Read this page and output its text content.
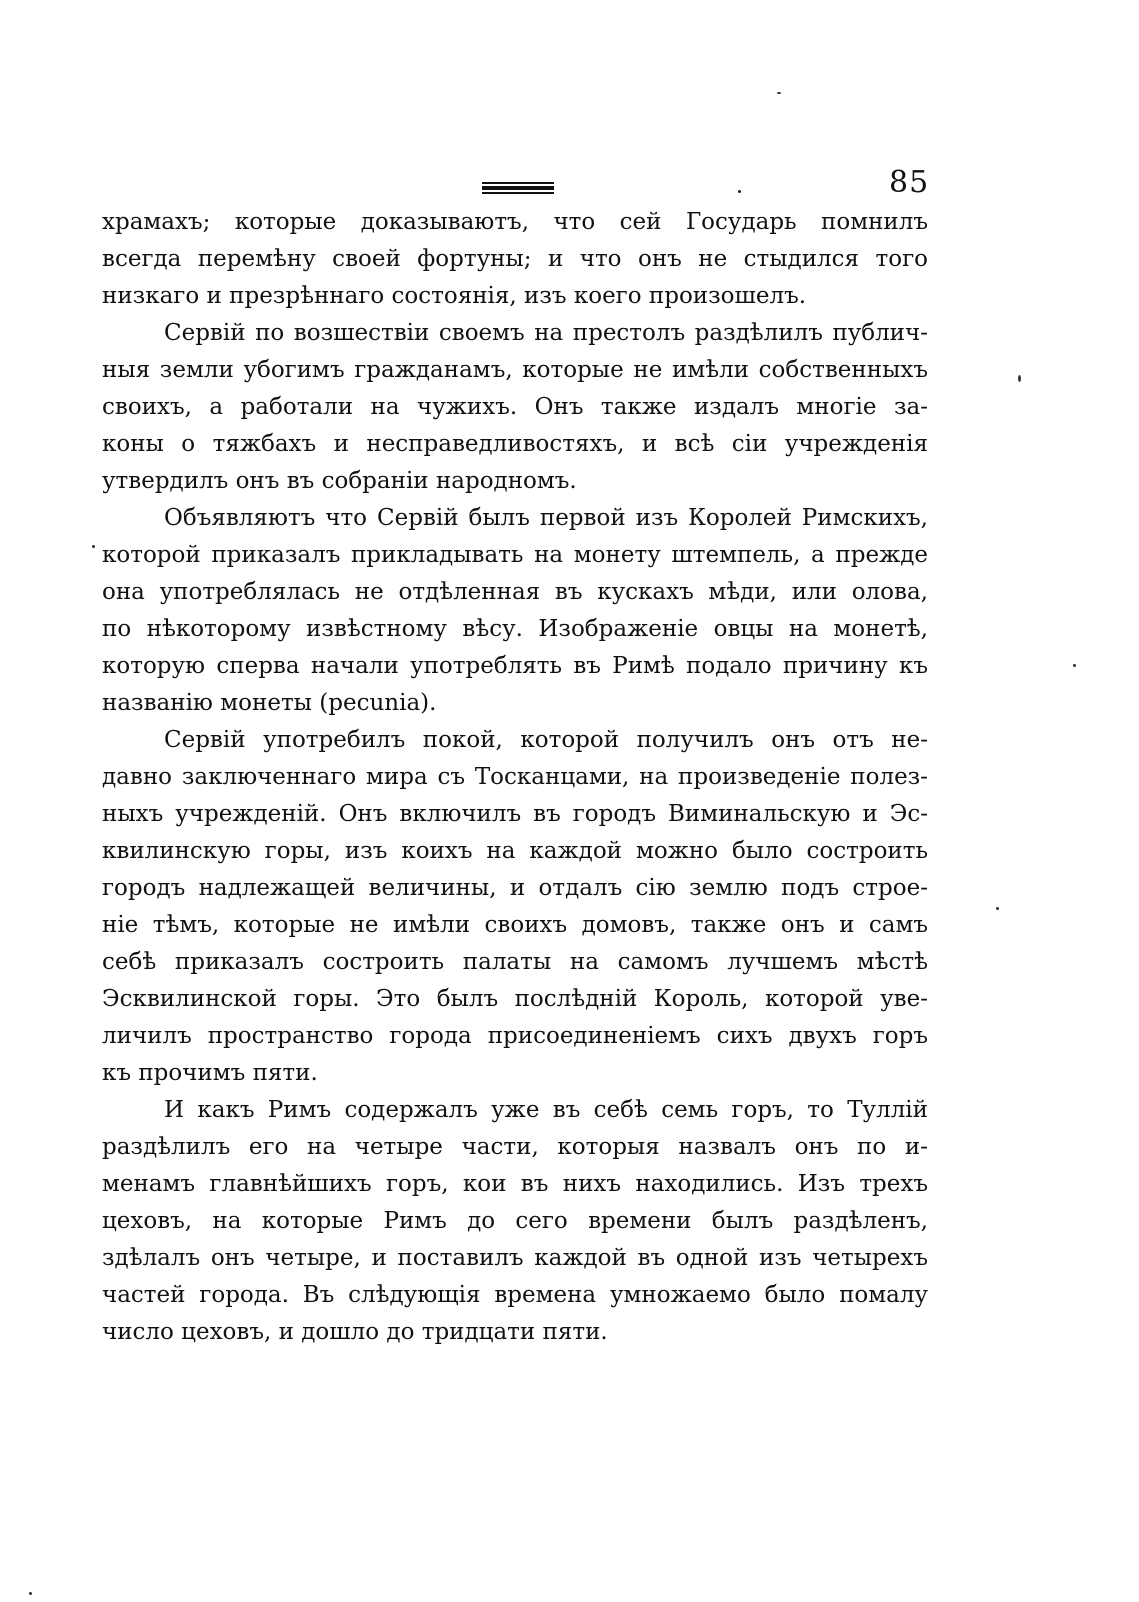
85
храмахъ; которые доказываютъ, что сей Государь помнилъ
всегда перемѣну своей фортуны; и что онъ не стыдился того
низкаго и презрѣннаго состоянія, изъ коего произошелъ.
Сервій по возшествіи своемъ на престолъ раздѣлилъ публич-
ныя земли убогимъ гражданамъ, которые не имѣли собственныхъ
своихъ, а работали на чужихъ. Онъ также издалъ многіе за-
коны о тяжбахъ и несправедливостяхъ, и всѣ сіи учрежденія
утвердилъ онъ въ собраніи народномъ.
Объявляютъ что Сервій былъ первой изъ Королей Римскихъ,
которой приказалъ прикладывать на монету штемпель, а прежде
она употреблялась не отдѣленная въ кускахъ мѣди, или олова,
по нѣкоторому извѣстному вѣсу. Изображеніе овцы на монетѣ,
которую сперва начали употреблять въ Римѣ подало причину къ
названію монеты (pecunia).
Сервій употребилъ покой, которой получилъ онъ отъ не-
давно заключеннаго мира съ Тосканцами, на произведеніе полез-
ныхъ учрежденій. Онъ включилъ въ городъ Виминальскую и Эс-
квилинскую горы, изъ коихъ на каждой можно было состроить
городъ надлежащей величины, и отдалъ сію землю подъ строе-
ніе тѣмъ, которые не имѣли своихъ домовъ, также онъ и самъ
себѣ приказалъ состроить палаты на самомъ лучшемъ мѣстѣ
Эсквилинской горы. Это былъ послѣдній Король, которой уве-
личилъ пространство города присоединеніемъ сихъ двухъ горъ
къ прочимъ пяти.
И какъ Римъ содержалъ уже въ себѣ семь горъ, то Туллій
раздѣлилъ его на четыре части, которыя назвалъ онъ по и-
менамъ главнѣйшихъ горъ, кои въ нихъ находились. Изъ трехъ
цеховъ, на которые Римъ до сего времени былъ раздѣленъ,
здѣлалъ онъ четыре, и поставилъ каждой въ одной изъ четырехъ
частей города. Въ слѣдующія времена умножаемо было помалу
число цеховъ, и дошло до тридцати пяти.
